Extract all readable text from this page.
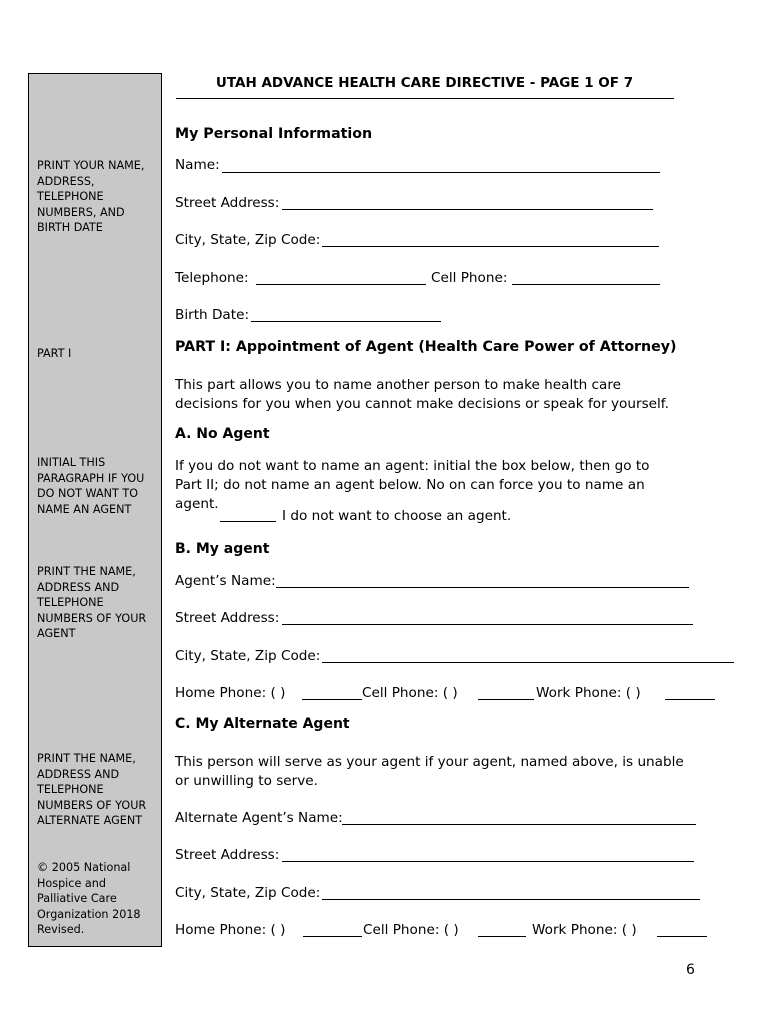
PRINT YOUR NAME, ADDRESS, TELEPHONE NUMBERS, AND BIRTH DATE
PART I
INITIAL THIS PARAGRAPH IF YOU DO NOT WANT TO NAME AN AGENT
PRINT THE NAME, ADDRESS AND TELEPHONE NUMBERS OF YOUR AGENT
PRINT THE NAME, ADDRESS AND TELEPHONE NUMBERS OF YOUR ALTERNATE AGENT
© 2005 National Hospice and Palliative Care Organization 2018 Revised.
UTAH ADVANCE HEALTH CARE DIRECTIVE - PAGE 1 OF 7
My Personal Information
Name:
Street Address:
City, State, Zip Code:
Telephone:	Cell Phone:
Birth Date:
PART I: Appointment of Agent (Health Care Power of Attorney)
This part allows you to name another person to make health care decisions for you when you cannot make decisions or speak for yourself.
A. No Agent
If you do not want to name an agent: initial the box below, then go to Part II; do not name an agent below. No on can force you to name an agent.
I do not want to choose an agent.
B. My agent
Agent’s Name:
Street Address:
City, State, Zip Code:
Home Phone: ( )	Cell Phone: ( )	Work Phone: ( )
C. My Alternate Agent
This person will serve as your agent if your agent, named above, is unable or unwilling to serve.
Alternate Agent’s Name:
Street Address:
City, State, Zip Code:
Home Phone: ( )	Cell Phone: ( )	Work Phone: ( )
6
